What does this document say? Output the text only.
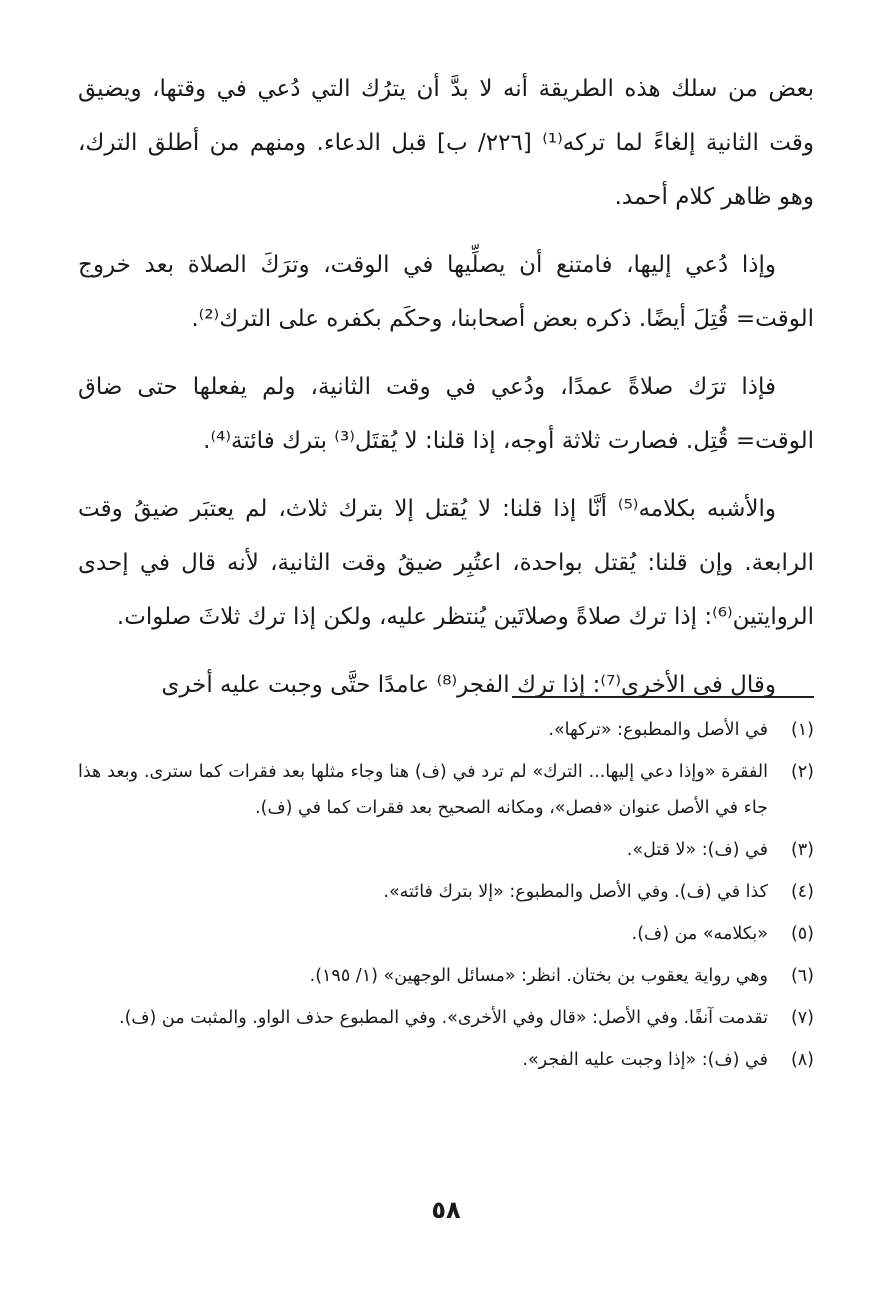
بعض من سلك هذه الطريقة أنه لا بدَّ أن يترُك التي دُعي في وقتها، ويضيق وقت الثانية إلغاءً لما تركه⁽¹⁾ [٢٢٦/ ب] قبل الدعاء. ومنهم من أطلق الترك، وهو ظاهر كلام أحمد.

وإذا دُعي إليها، فامتنع أن يصلِّيها في الوقت، وترَكَ الصلاة بعد خروج الوقت= قُتِلَ أيضًا. ذكره بعض أصحابنا، وحكَم بكفره على الترك⁽²⁾.

فإذا ترَك صلاةً عمدًا، ودُعي في وقت الثانية، ولم يفعلها حتى ضاق الوقت= قُتِل. فصارت ثلاثة أوجه، إذا قلنا: لا يُقتَل⁽³⁾ بترك فائتة⁽⁴⁾.

والأشبه بكلامه⁽⁵⁾ أنَّا إذا قلنا: لا يُقتل إلا بترك ثلاث، لم يعتبَر ضيقُ وقت الرابعة. وإن قلنا: يُقتل بواحدة، اعتُبِر ضيقُ وقت الثانية، لأنه قال في إحدى الروايتين⁽⁶⁾: إذا ترك صلاةً وصلاتَين يُنتظر عليه، ولكن إذا ترك ثلاثَ صلوات.

وقال في الأخرى⁽⁷⁾: إذا ترك الفجر⁽⁸⁾ عامدًا حتَّى وجبت عليه أخرى

(١)
في الأصل والمطبوع: «تركها».
(٢)
الفقرة «وإذا دعي إليها... الترك» لم ترد في (ف) هنا وجاء مثلها بعد فقرات كما سترى. وبعد هذا جاء في الأصل عنوان «فصل»، ومكانه الصحيح بعد فقرات كما في (ف).
(٣)
في (ف): «لا قتل».
(٤)
كذا في (ف). وفي الأصل والمطبوع: «إلا بترك فائته».
(٥)
«بكلامه» من (ف).
(٦)
وهي رواية يعقوب بن بختان. انظر: «مسائل الوجهين» (١/ ١٩٥).
(٧)
تقدمت آنفًا. وفي الأصل: «قال وفي الأخرى». وفي المطبوع حذف الواو. والمثبت من (ف).
(٨)
في (ف): «إذا وجبت عليه الفجر».
٥٨
